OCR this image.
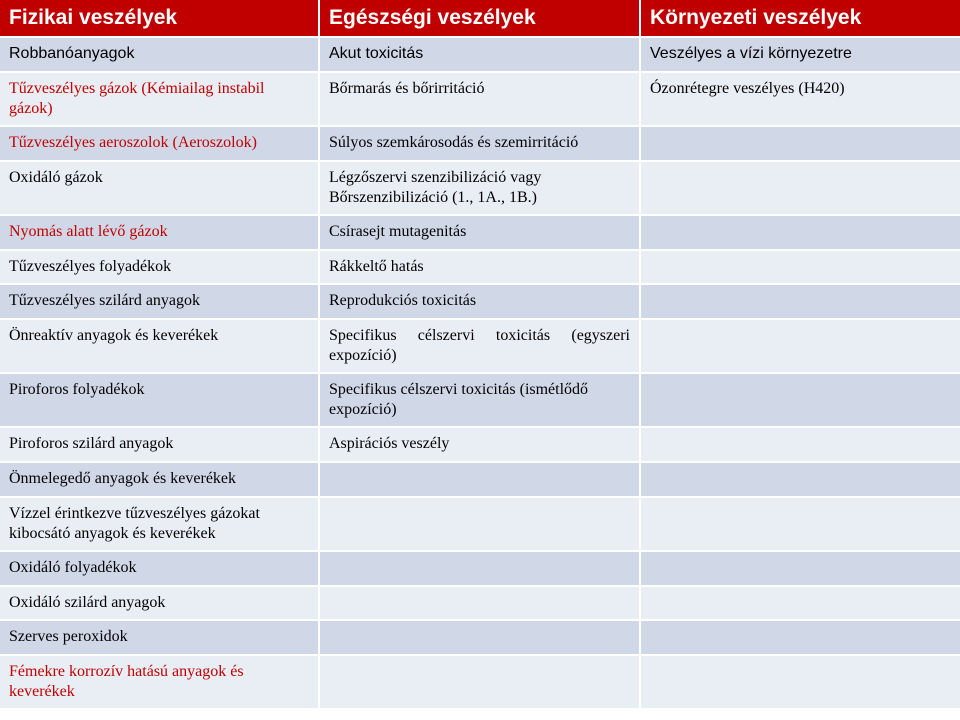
Fizikai veszélyek	Egészségi veszélyek	Környezeti veszélyek
Robbanóanyagok	Akut toxicitás	Veszélyes a vízi környezetre
Tűzveszélyes gázok (Kémiailag instabil gázok)	Bőrmarás és bőrirritáció	Ózonrétegre veszélyes (H420)
Tűzveszélyes aeroszolok (Aeroszolok)	Súlyos szemkárosodás és szemirritáció	
Oxidáló gázok	Légzőszervi szenzibilizáció vagy Bőrszenzibilizáció (1., 1A., 1B.)	
Nyomás alatt lévő gázok	Csírasejt mutagenitás	
Tűzveszélyes folyadékok	Rákkeltő hatás	
Tűzveszélyes szilárd anyagok	Reprodukciós toxicitás	
Önreaktív anyagok és keverékek	Specifikus célszervi toxicitás (egyszeri expozíció)	
Piroforos folyadékok	Specifikus célszervi toxicitás (ismétlődő expozíció)	
Piroforos szilárd anyagok	Aspirációs veszély	
Önmelegedő anyagok és keverékek		
Vízzel érintkezve tűzveszélyes gázokat kibocsátó anyagok és keverékek		
Oxidáló folyadékok		
Oxidáló szilárd anyagok		
Szerves peroxidok		
Fémekre korrozív hatású anyagok és keverékek		
